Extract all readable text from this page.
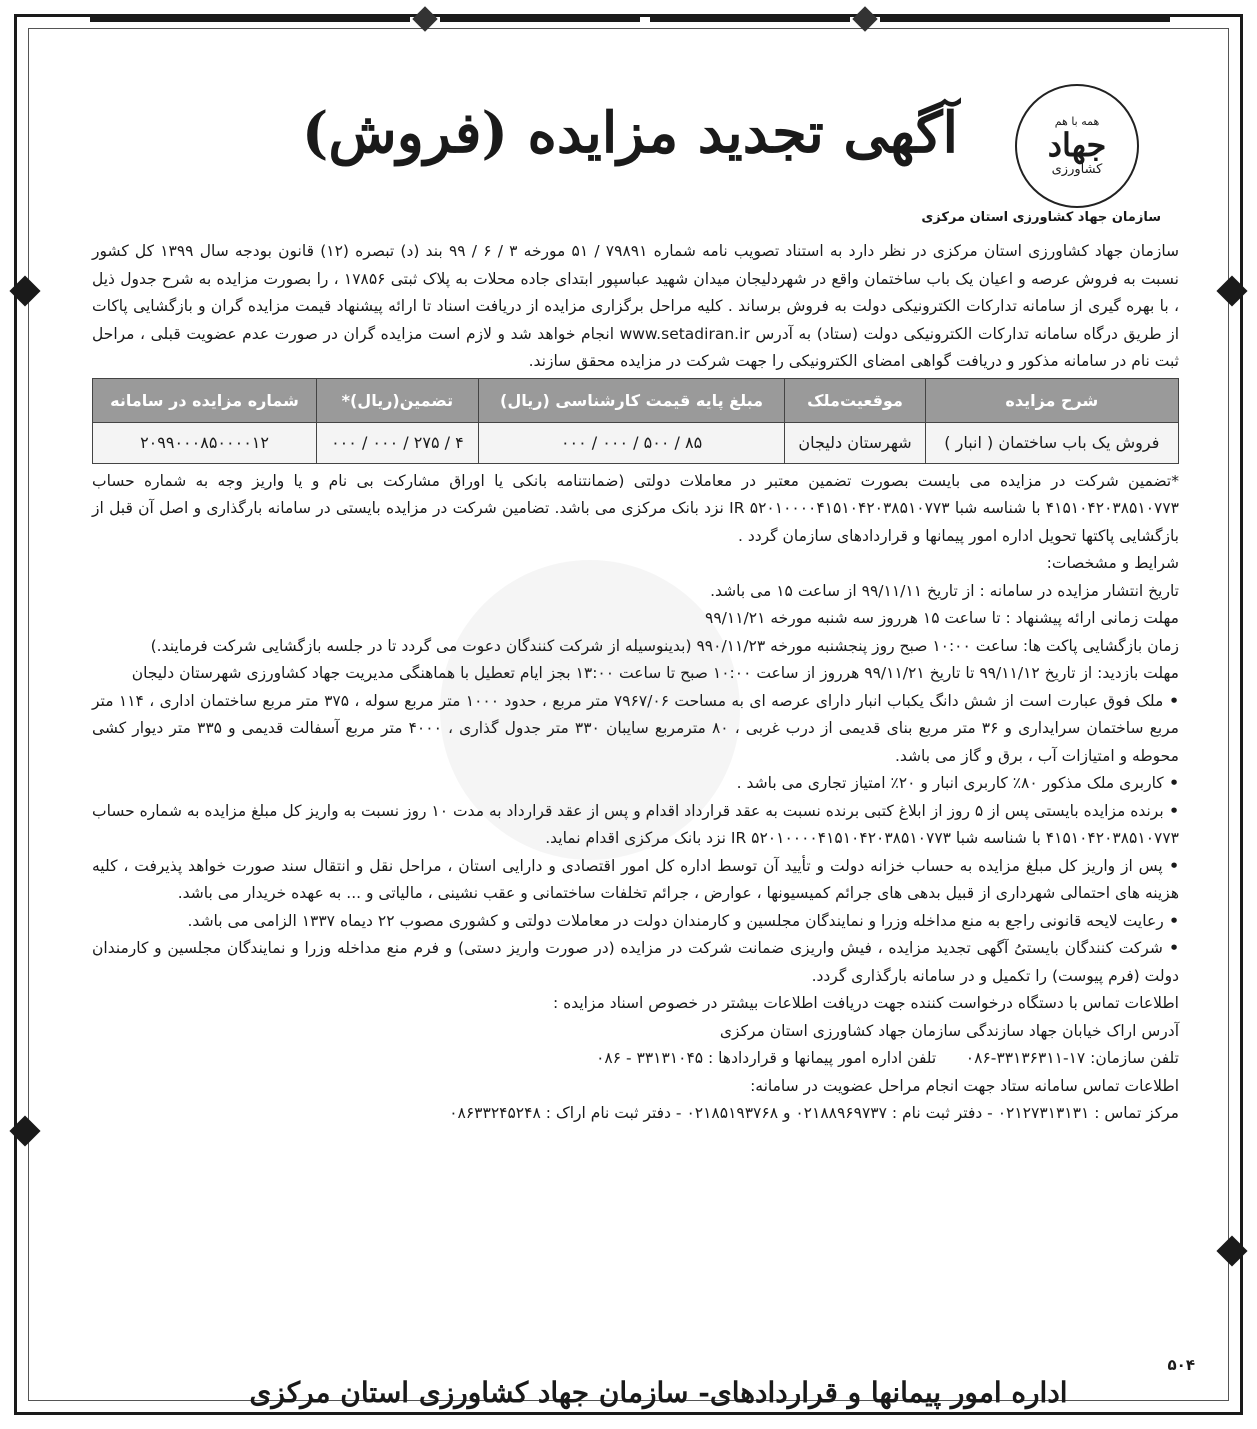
همه با هم
جهاد
کشاورزی
سازمان جهاد کشاورزی استان مرکزی
آگهی تجدید مزایده (فروش)

سازمان جهاد کشاورزی استان مرکزی در نظر دارد به استناد تصویب نامه شماره ۷۹۸۹۱ / ۵۱ مورخه ۳ / ۶ / ۹۹ بند (د) تبصره (۱۲) قانون بودجه سال ۱۳۹۹ کل کشور نسبت به فروش عرصه و اعیان یک باب ساختمان واقع در شهردلیجان میدان شهید عباسپور ابتدای جاده محلات به پلاک ثبتی ۱۷۸۵۶ ، را بصورت مزایده به شرح جدول ذیل ، با بهره گیری از سامانه تدارکات الکترونیکی دولت به فروش برساند . کلیه مراحل برگزاری مزایده از دریافت اسناد تا ارائه پیشنهاد قیمت مزایده گران و بازگشایی پاکات از طریق درگاه سامانه تدارکات الکترونیکی دولت (ستاد) به آدرس www.setadiran.ir انجام خواهد شد و لازم است مزایده گران در صورت عدم عضویت قبلی ، مراحل ثبت نام در سامانه مذکور و دریافت گواهی امضای الکترونیکی را جهت شرکت در مزایده محقق سازند.

شرح مزایده	موقعیت‌ملک	مبلغ پایه قیمت کارشناسی (ریال)	تضمین(ریال)*	شماره مزایده در سامانه
فروش یک باب ساختمان ( انبار )	شهرستان دلیجان	۸۵ / ۵۰۰ / ۰۰۰ / ۰۰۰	۴ / ۲۷۵ / ۰۰۰ / ۰۰۰	۲۰۹۹۰۰۰۸۵۰۰۰۰۱۲

*تضمین شرکت در مزایده می بایست بصورت تضمین معتبر در معاملات دولتی (ضمانتنامه بانکی یا اوراق مشارکت بی نام و یا واریز وجه به شماره حساب ۴۱۵۱۰۴۲۰۳۸۵۱۰۷۷۳ با شناسه شبا IR ۵۲۰۱۰۰۰۰۴۱۵۱۰۴۲۰۳۸۵۱۰۷۷۳ نزد بانک مرکزی می باشد. تضامین شرکت در مزایده بایستی در سامانه بارگذاری و اصل آن قبل از بازگشایی پاکتها تحویل اداره امور پیمانها و قراردادهای سازمان گردد .

شرایط و مشخصات:

تاریخ انتشار مزایده در سامانه : از تاریخ ۹۹/۱۱/۱۱ از ساعت ۱۵ می باشد.

مهلت زمانی ارائه پیشنهاد : تا ساعت ۱۵ هرروز سه شنبه مورخه ۹۹/۱۱/۲۱

زمان بازگشایی پاکت ها: ساعت ۱۰:۰۰ صبح روز پنجشنبه مورخه ۹۹۰/۱۱/۲۳ (بدینوسیله از شرکت کنندگان دعوت می گردد تا در جلسه بازگشایی شرکت فرمایند.)

مهلت بازدید: از تاریخ ۹۹/۱۱/۱۲ تا تاریخ ۹۹/۱۱/۲۱ هرروز از ساعت ۱۰:۰۰ صبح تا ساعت ۱۳:۰۰ بجز ایام تعطیل با هماهنگی مدیریت جهاد کشاورزی شهرستان دلیجان

• ملک فوق عبارت است از شش دانگ یکباب انبار دارای عرصه ای به مساحت ۷۹۶۷/۰۶ متر مربع ، حدود ۱۰۰۰ متر مربع سوله ، ۳۷۵ متر مربع ساختمان اداری ، ۱۱۴ متر مربع ساختمان سرایداری و ۳۶ متر مربع بنای قدیمی از درب غربی ، ۸۰ مترمربع سایبان ۳۳۰ متر جدول گذاری ، ۴۰۰۰ متر مربع آسفالت قدیمی و ۳۳۵ متر دیوار کشی محوطه و امتیازات آب ، برق و گاز می باشد.

• کاربری ملک مذکور ۸۰٪ کاربری انبار و ۲۰٪ امتیاز تجاری می باشد .

• برنده مزایده بایستی پس از ۵ روز از ابلاغ کتبی برنده نسبت به عقد قرارداد اقدام و پس از عقد قرارداد به مدت ۱۰ روز نسبت به واریز کل مبلغ مزایده به شماره حساب ۴۱۵۱۰۴۲۰۳۸۵۱۰۷۷۳ با شناسه شبا IR ۵۲۰۱۰۰۰۰۴۱۵۱۰۴۲۰۳۸۵۱۰۷۷۳ نزد بانک مرکزی اقدام نماید.

• پس از واریز کل مبلغ مزایده به حساب خزانه دولت و تأیید آن توسط اداره کل امور اقتصادی و دارایی استان ، مراحل نقل و انتقال سند صورت خواهد پذیرفت ، کلیه هزینه های احتمالی شهرداری از قبیل بدهی های جرائم کمیسیونها ، عوارض ، جرائم تخلفات ساختمانی و عقب نشینی ، مالیاتی و ... به عهده خریدار می باشد.

• رعایت لایحه قانونی راجع به منع مداخله وزرا و نمایندگان مجلسین و کارمندان دولت در معاملات دولتی و کشوری مصوب ۲۲ دیماه ۱۳۳۷ الزامی می باشد.

• شرکت کنندگان بایستیُ آگهی تجدید مزایده ، فیش واریزی ضمانت شرکت در مزایده (در صورت واریز دستی) و فرم منع مداخله وزرا و نمایندگان مجلسین و کارمندان دولت (فرم پیوست) را تکمیل و در سامانه بارگذاری گردد.

اطلاعات تماس با دستگاه درخواست کننده جهت دریافت اطلاعات بیشتر در خصوص اسناد مزایده :

آدرس اراک خیابان جهاد سازندگی سازمان جهاد کشاورزی استان مرکزی

تلفن سازمان: ۱۷-۳۳۱۳۶۳۱۱-۰۸۶      تلفن اداره امور پیمانها و قراردادها : ۳۳۱۳۱۰۴۵ - ۰۸۶

اطلاعات تماس سامانه ستاد جهت انجام مراحل عضویت در سامانه:

مرکز تماس : ۰۲۱۲۷۳۱۳۱۳۱ - دفتر ثبت نام : ۰۲۱۸۸۹۶۹۷۳۷ و ۰۲۱۸۵۱۹۳۷۶۸ - دفتر ثبت نام اراک : ۰۸۶۳۳۲۴۵۲۴۸

۵۰۴
اداره امور پیمانها و قراردادهای- سازمان جهاد کشاورزی استان مرکزی
